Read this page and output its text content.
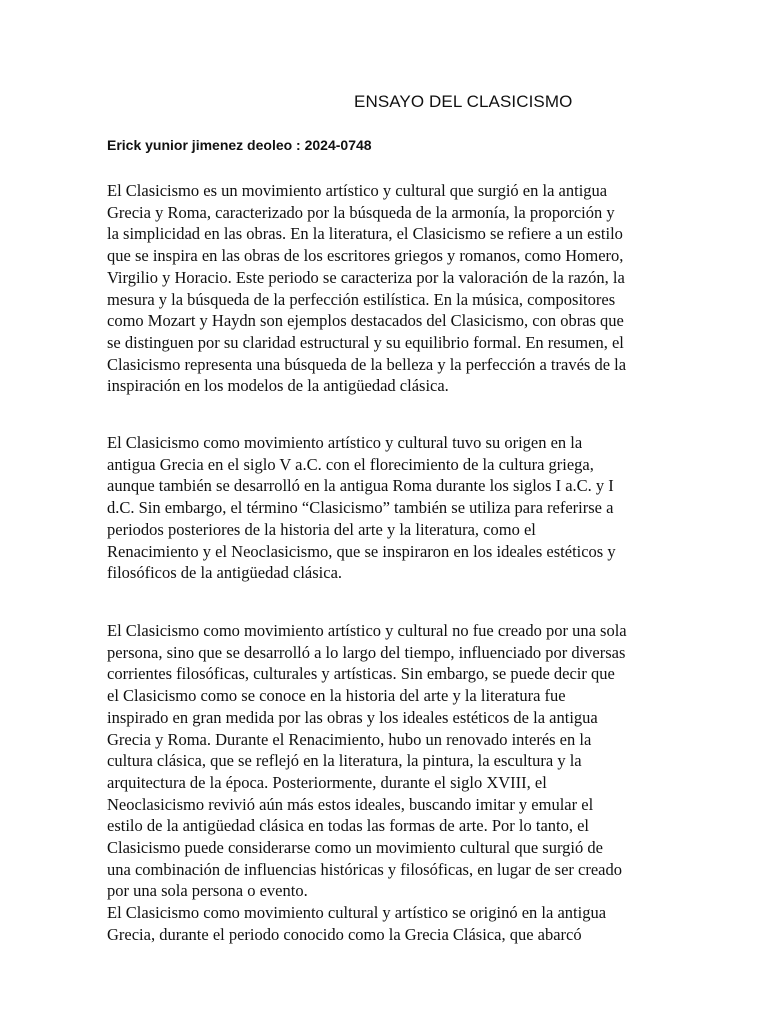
ENSAYO DEL CLASICISMO
Erick yunior jimenez deoleo : 2024-0748
El Clasicismo es un movimiento artístico y cultural que surgió en la antigua
Grecia y Roma, caracterizado por la búsqueda de la armonía, la proporción y
la simplicidad en las obras. En la literatura, el Clasicismo se refiere a un estilo
que se inspira en las obras de los escritores griegos y romanos, como Homero,
Virgilio y Horacio. Este periodo se caracteriza por la valoración de la razón, la
mesura y la búsqueda de la perfección estilística. En la música, compositores
como Mozart y Haydn son ejemplos destacados del Clasicismo, con obras que
se distinguen por su claridad estructural y su equilibrio formal. En resumen, el
Clasicismo representa una búsqueda de la belleza y la perfección a través de la
inspiración en los modelos de la antigüedad clásica.
El Clasicismo como movimiento artístico y cultural tuvo su origen en la
antigua Grecia en el siglo V a.C. con el florecimiento de la cultura griega,
aunque también se desarrolló en la antigua Roma durante los siglos I a.C. y I
d.C. Sin embargo, el término “Clasicismo” también se utiliza para referirse a
periodos posteriores de la historia del arte y la literatura, como el
Renacimiento y el Neoclasicismo, que se inspiraron en los ideales estéticos y
filosóficos de la antigüedad clásica.
El Clasicismo como movimiento artístico y cultural no fue creado por una sola
persona, sino que se desarrolló a lo largo del tiempo, influenciado por diversas
corrientes filosóficas, culturales y artísticas. Sin embargo, se puede decir que
el Clasicismo como se conoce en la historia del arte y la literatura fue
inspirado en gran medida por las obras y los ideales estéticos de la antigua
Grecia y Roma. Durante el Renacimiento, hubo un renovado interés en la
cultura clásica, que se reflejó en la literatura, la pintura, la escultura y la
arquitectura de la época. Posteriormente, durante el siglo XVIII, el
Neoclasicismo revivió aún más estos ideales, buscando imitar y emular el
estilo de la antigüedad clásica en todas las formas de arte. Por lo tanto, el
Clasicismo puede considerarse como un movimiento cultural que surgió de
una combinación de influencias históricas y filosóficas, en lugar de ser creado
por una sola persona o evento.
El Clasicismo como movimiento cultural y artístico se originó en la antigua
Grecia, durante el periodo conocido como la Grecia Clásica, que abarcó
